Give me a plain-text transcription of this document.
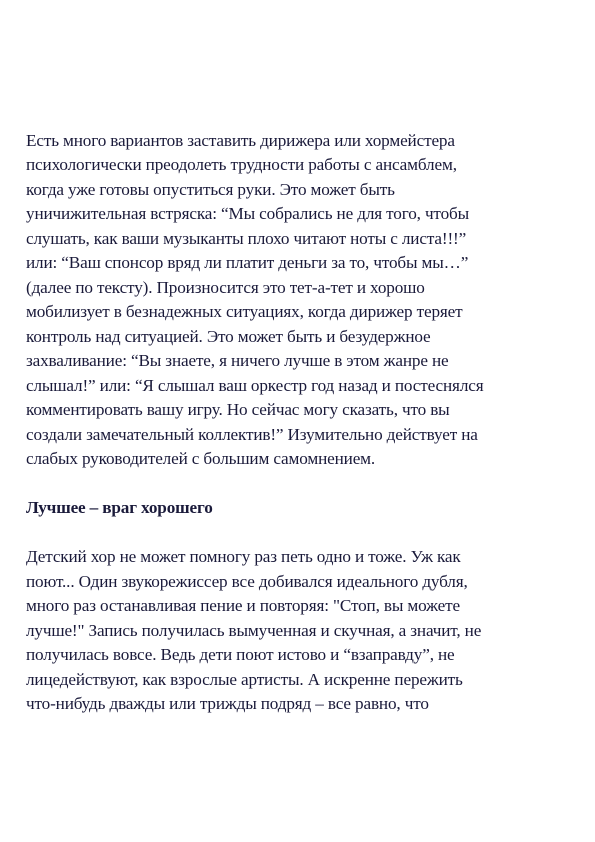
Есть много вариантов заставить дирижера или хормейстера
психологически преодолеть трудности работы с ансамблем,
когда уже готовы опуститься руки. Это может быть
уничижительная встряска: “Мы собрались не для того, чтобы
слушать, как ваши музыканты плохо читают ноты с листа!!!”
или: “Ваш спонсор вряд ли платит деньги за то, чтобы мы…”
(далее по тексту). Произносится это тет-а-тет и хорошо
мобилизует в безнадежных ситуациях, когда дирижер теряет
контроль над ситуацией. Это может быть и безудержное
захваливание: “Вы знаете, я ничего лучше в этом жанре не
слышал!” или: “Я слышал ваш оркестр год назад и постеснялся
комментировать вашу игру. Но сейчас могу сказать, что вы
создали замечательный коллектив!” Изумительно действует на
слабых руководителей с большим самомнением.
Лучшее – враг хорошего
Детский хор не может помногу раз петь одно и тоже. Уж как
поют... Один звукорежиссер все добивался идеального дубля,
много раз останавливая пение и повторяя: "Стоп, вы можете
лучше!" Запись получилась вымученная и скучная, а значит, не
получилась вовсе. Ведь дети поют истово и “взаправду”, не
лицедействуют, как взрослые артисты. А искренне пережить
что-нибудь дважды или трижды подряд – все равно, что
